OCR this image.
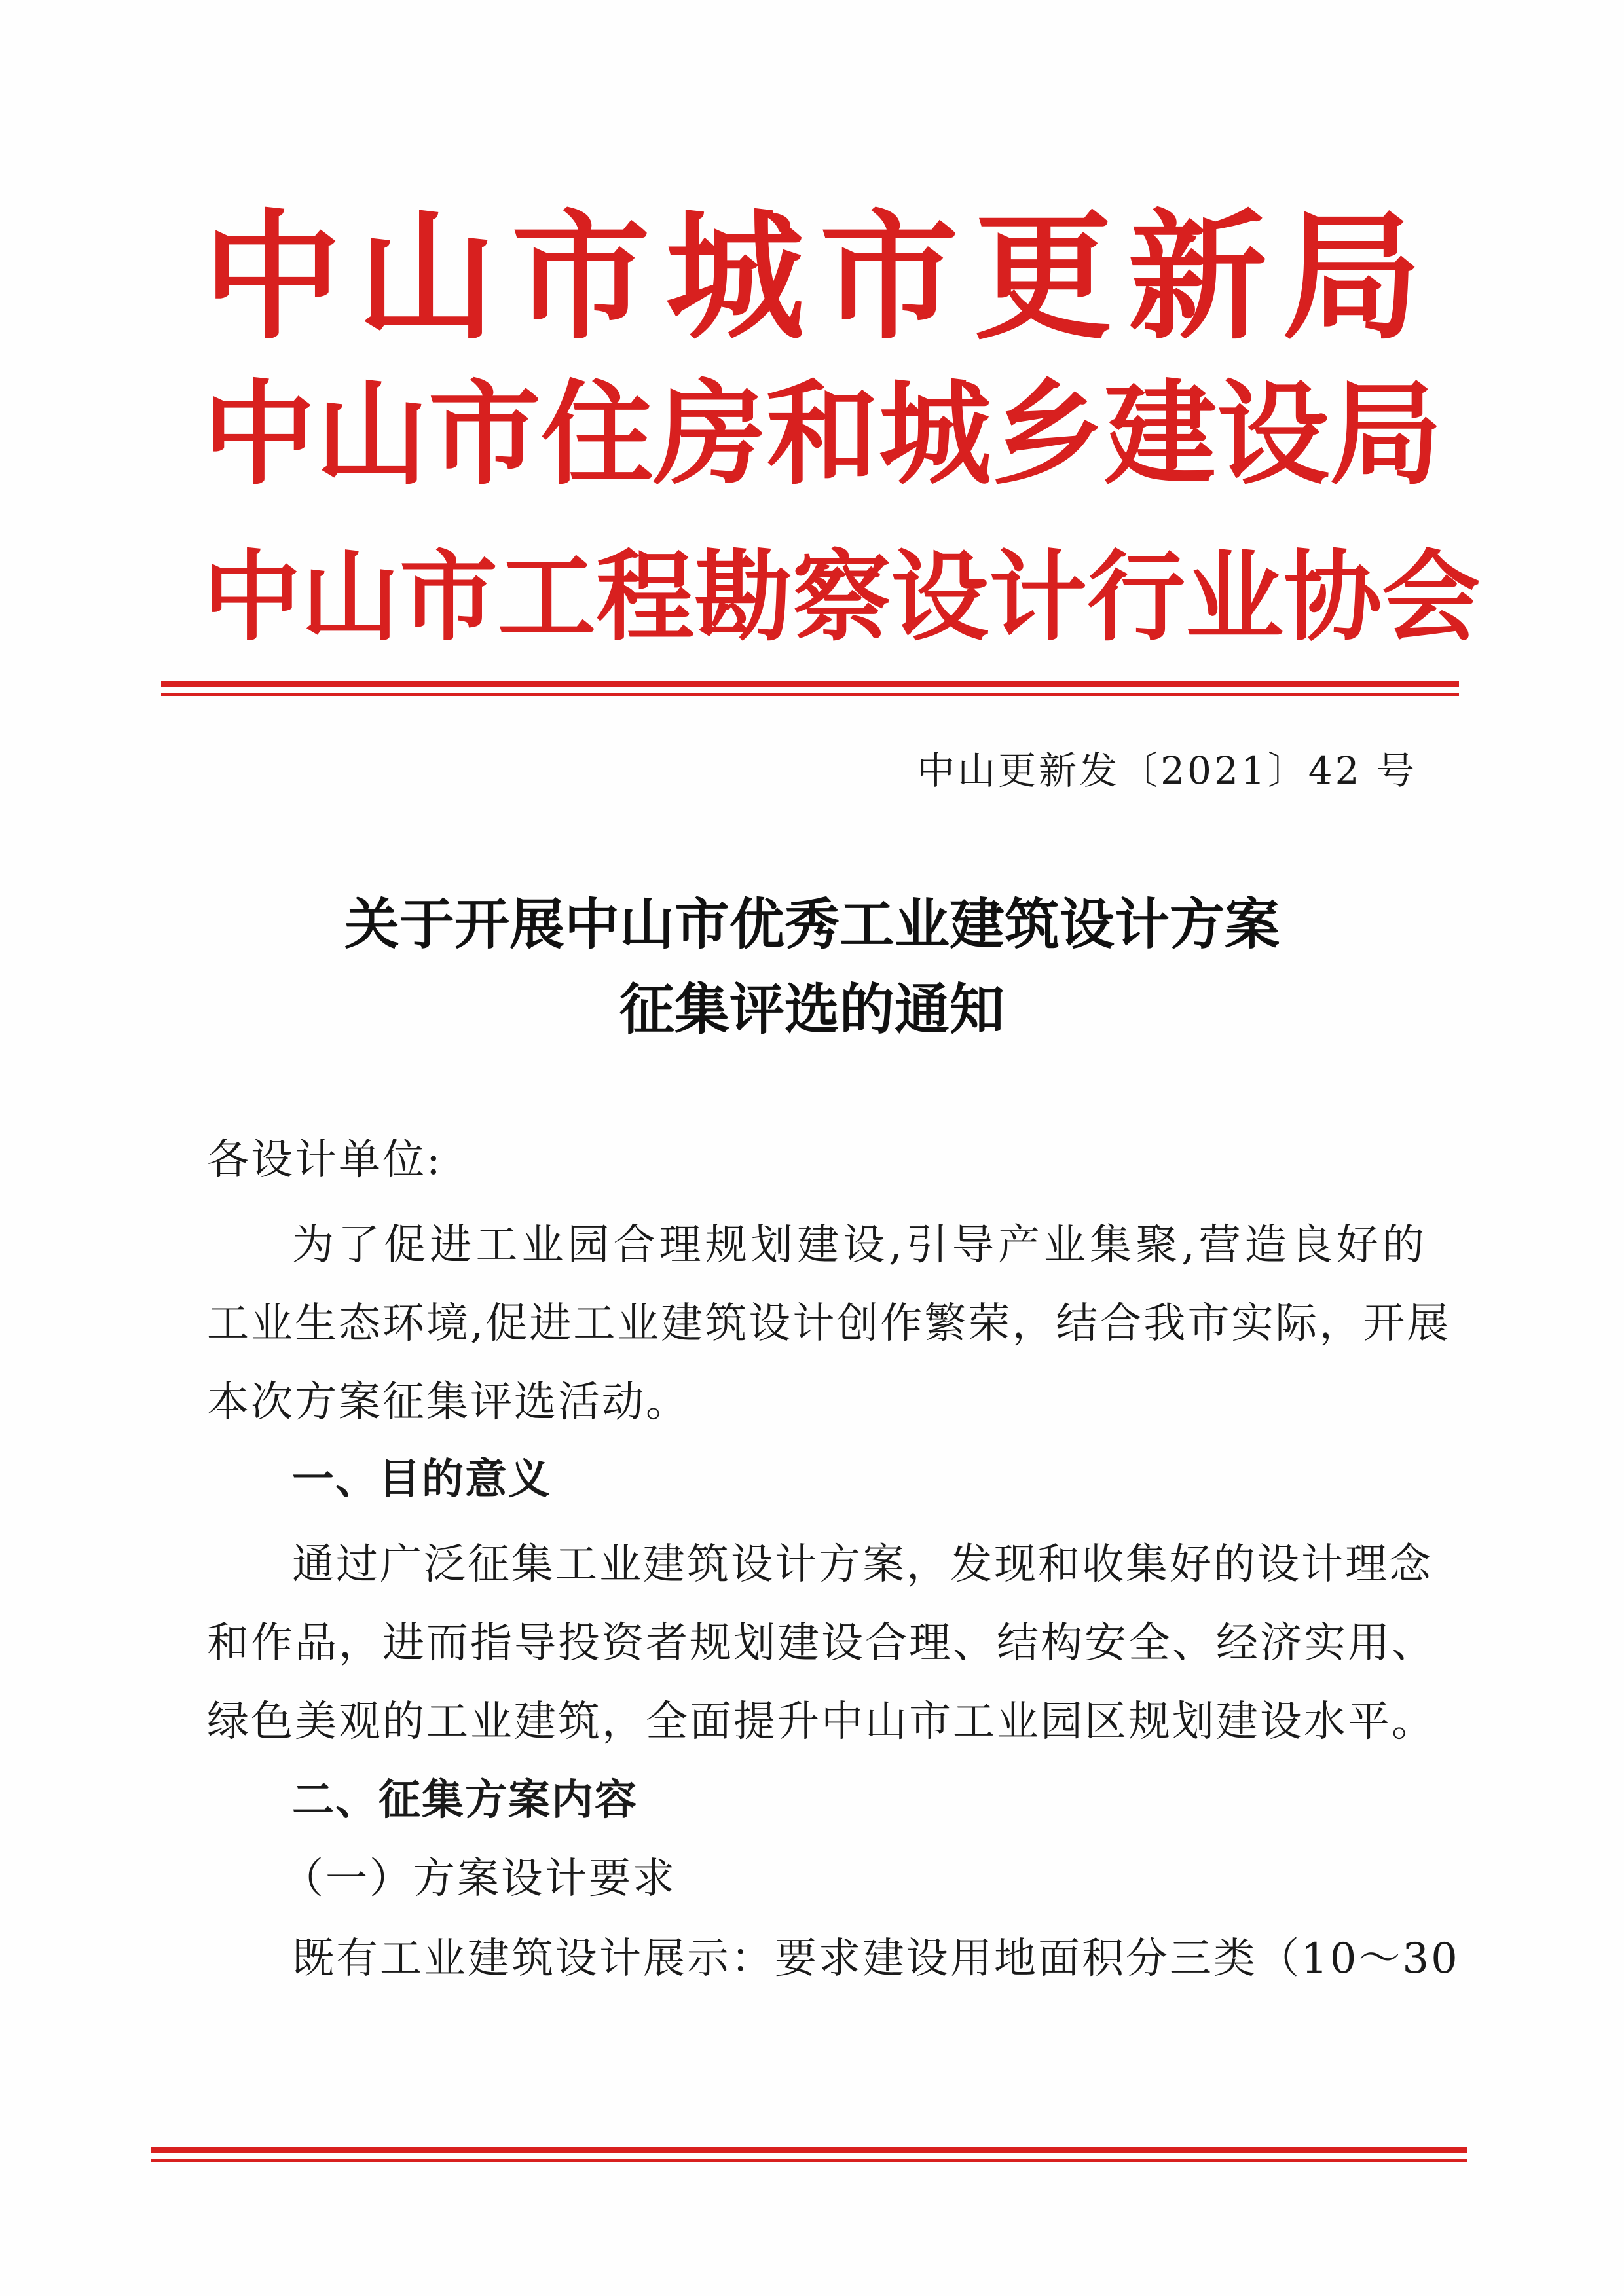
中 山 市 城 市 更 新 局
中 山 市 住 房 和 城 乡 建 设 局
中 山 市 工 程 勘 察 设 计 行 业 协 会
中山更新发〔2021〕42 号
关于开展中山市优秀工业建筑设计方案
征集评选的通知
各设计单位:
为了促进工业园合理规划建设,引导产业集聚,营造良好的
工业生态环境,促进工业建筑设计创作繁荣，结合我市实际，开展
本次方案征集评选活动。
一、目的意义
通过广泛征集工业建筑设计方案，发现和收集好的设计理念
和作品，进而指导投资者规划建设合理、结构安全、经济实用、
绿色美观的工业建筑，全面提升中山市工业园区规划建设水平。
二、征集方案内容
（一）方案设计要求
既有工业建筑设计展示：要求建设用地面积分三类（10～30
